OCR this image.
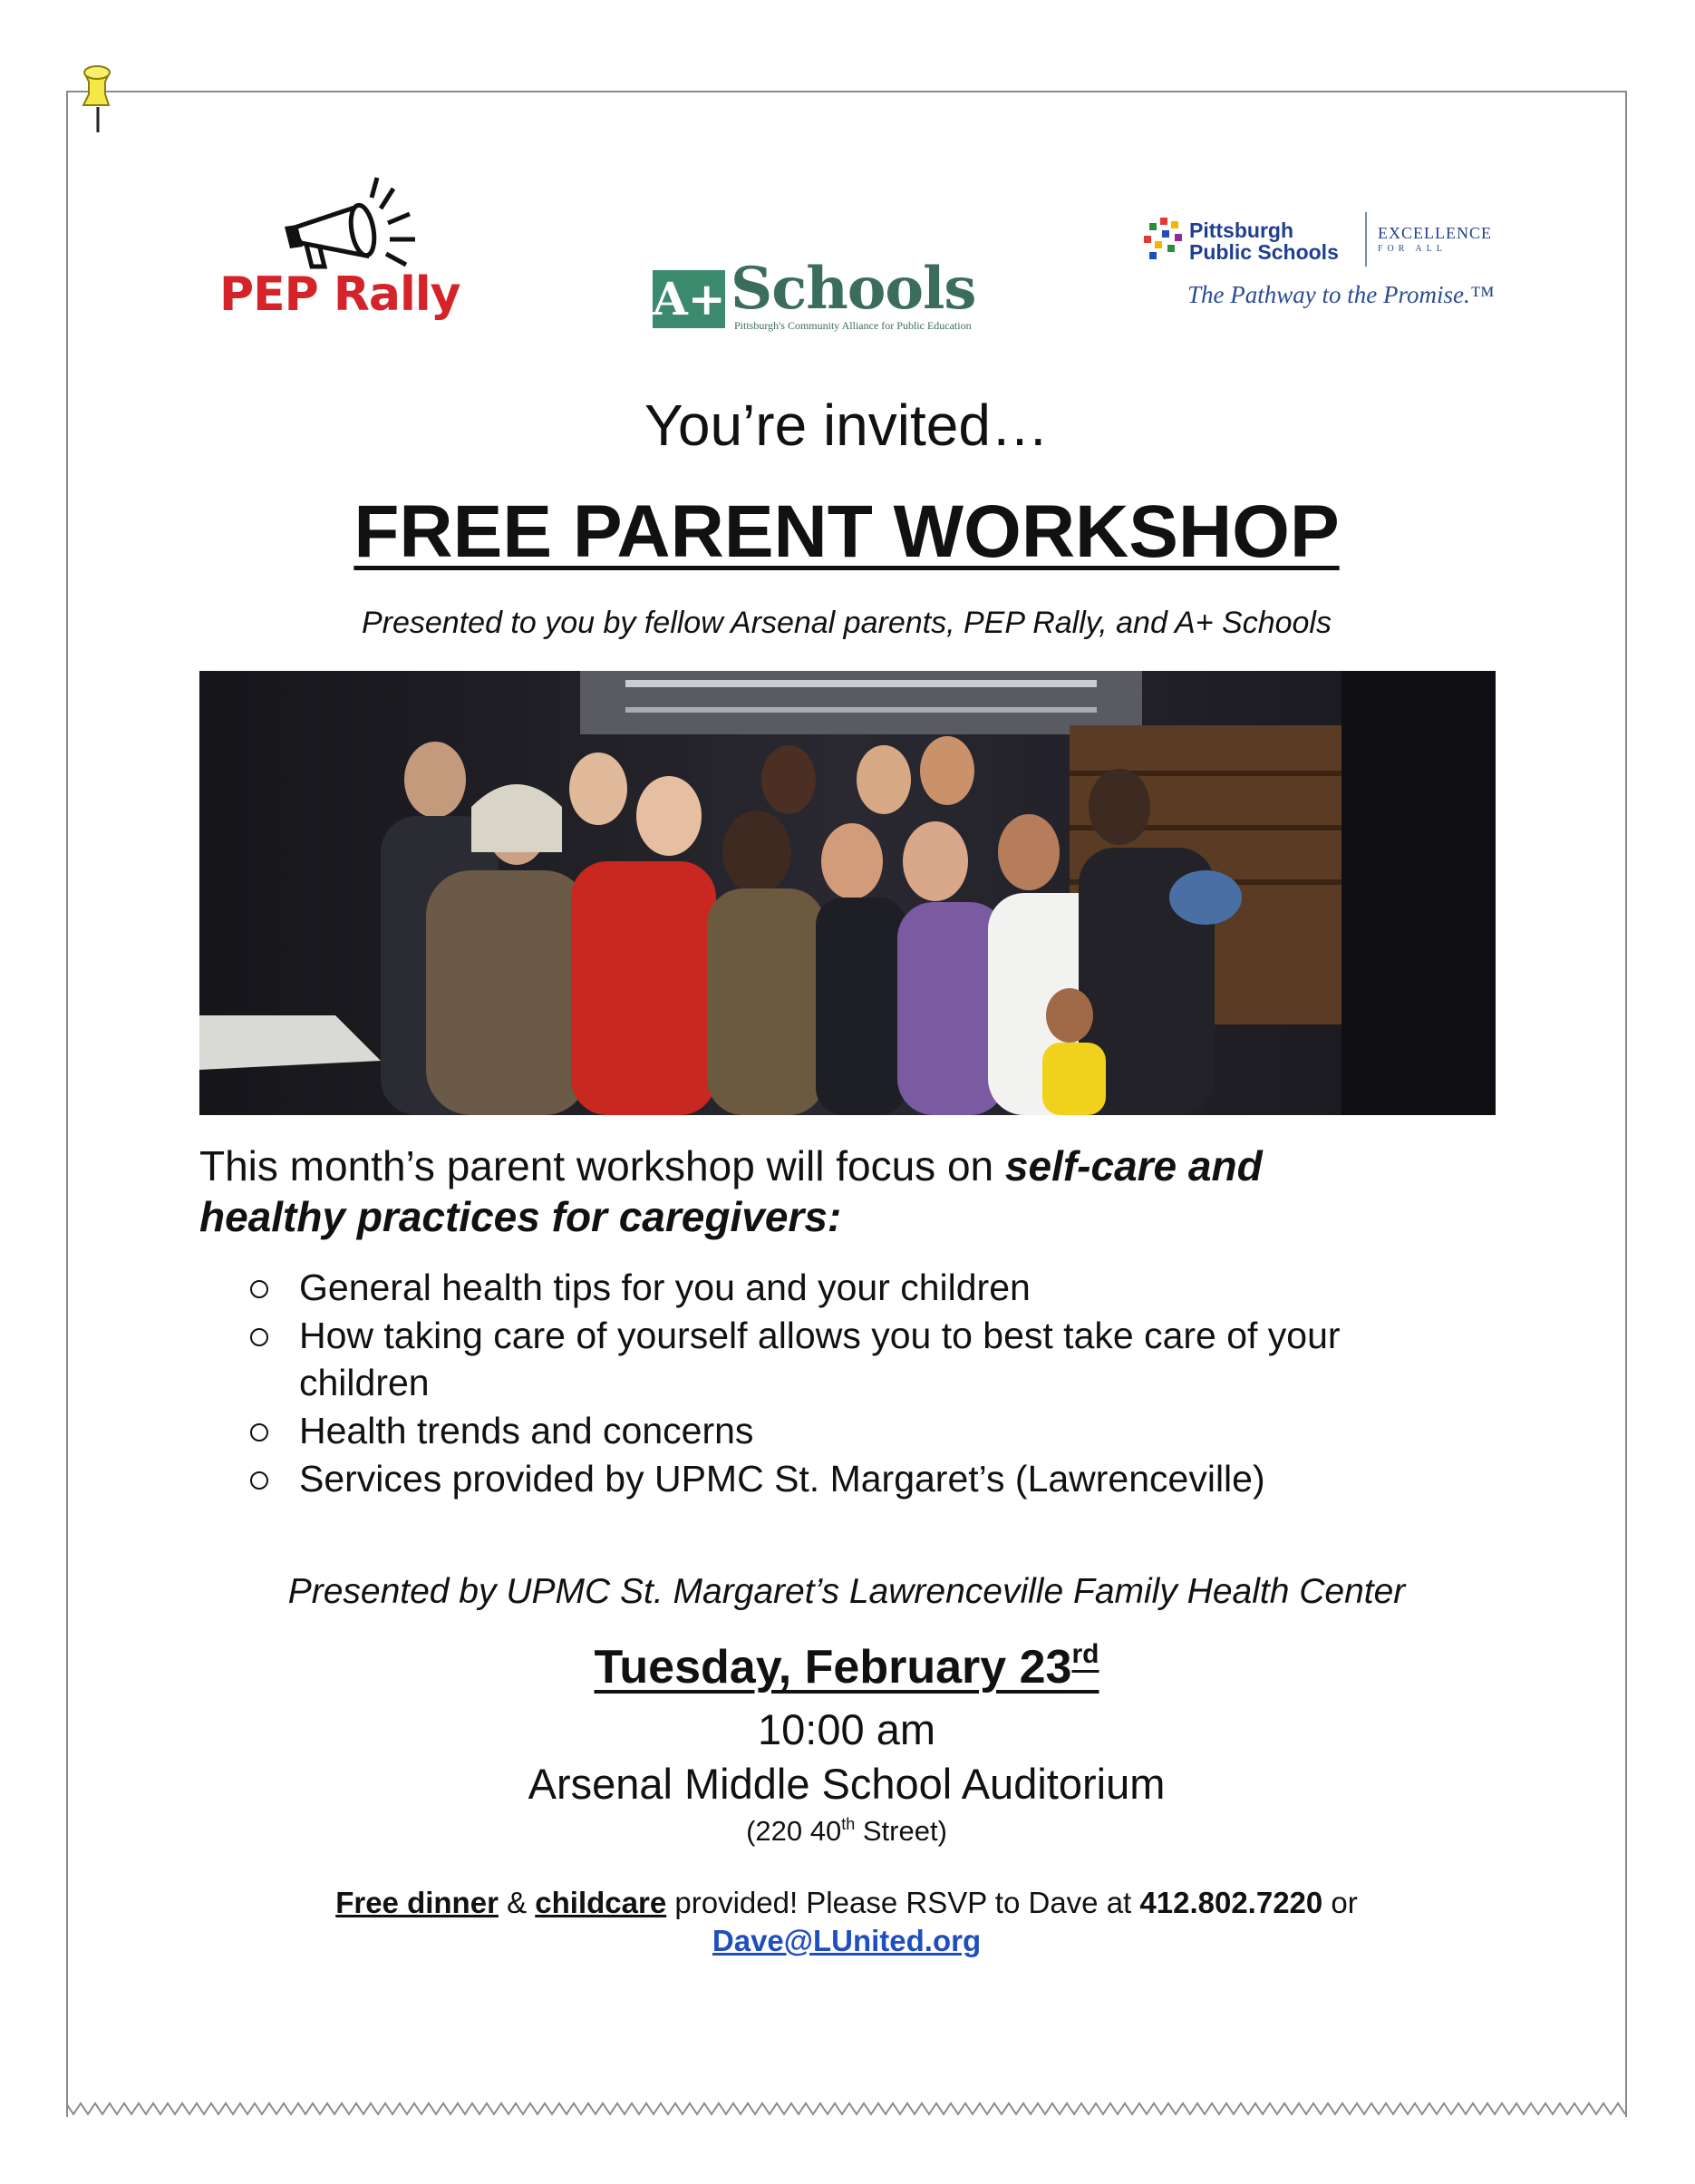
PEP Rally	A+ Schools
Pittsburgh's Community Alliance for Public Education
Pittsburgh
Public Schools
EXCELLENCE
FOR ALL
The Pathway to the Promise.™
You’re invited…
FREE PARENT WORKSHOP
Presented to you by fellow Arsenal parents, PEP Rally, and A+ Schools
This month’s parent workshop will focus on self-care and
healthy practices for caregivers:
General health tips for you and your children
How taking care of yourself allows you to best take care of your children
Health trends and concerns
Services provided by UPMC St. Margaret’s (Lawrenceville)
Presented by UPMC St. Margaret’s Lawrenceville Family Health Center
Tuesday, February 23rd
10:00 am
Arsenal Middle School Auditorium
(220 40th Street)
Free dinner & childcare provided! Please RSVP to Dave at 412.802.7220 or
Dave@LUnited.org
